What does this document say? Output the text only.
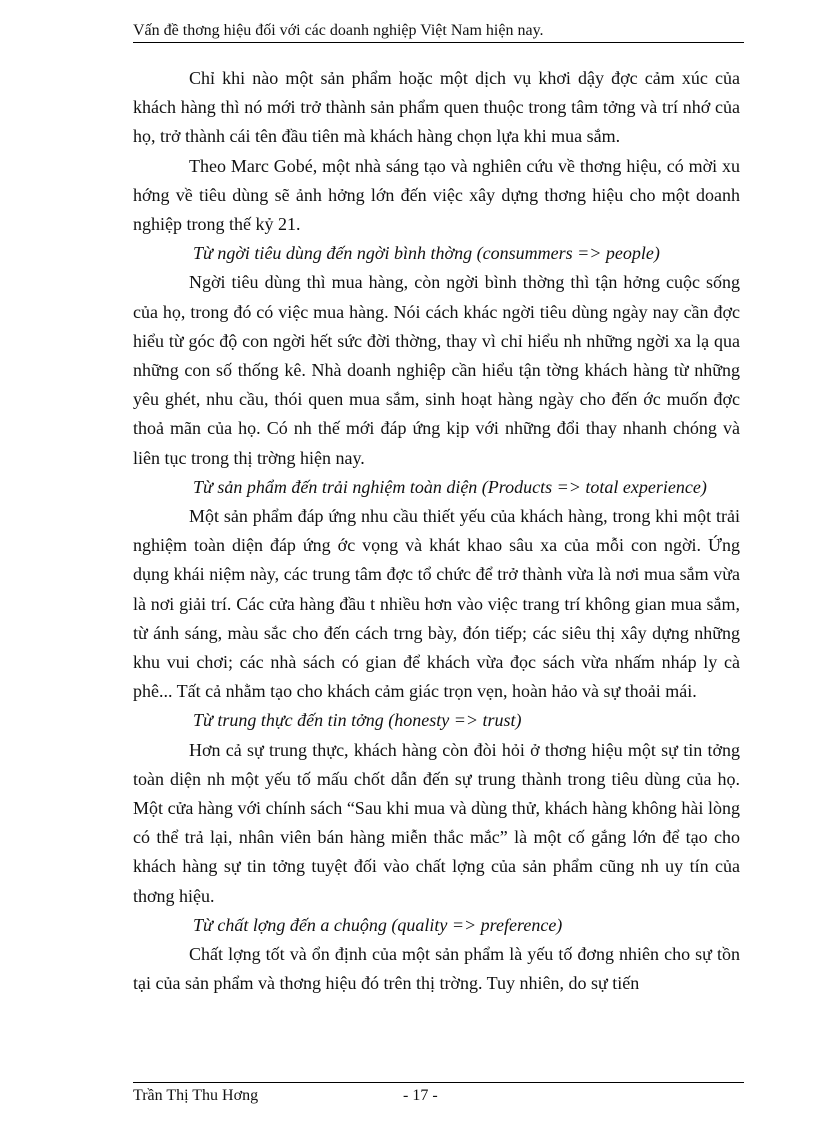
Vấn đề thơng hiệu đối với các doanh nghiệp Việt Nam hiện nay.

Chỉ khi nào một sản phẩm hoặc một dịch vụ khơi dậy đợc cảm xúc của khách hàng thì nó mới trở thành sản phẩm quen thuộc trong tâm tởng và trí nhớ của họ, trở thành cái tên đầu tiên mà khách hàng chọn lựa khi mua sắm.

Theo Marc Gobé, một nhà sáng tạo và nghiên cứu về thơng hiệu, có mời xu hớng về tiêu dùng sẽ ảnh hởng lớn đến việc xây dựng thơng hiệu cho một doanh nghiệp trong thế kỷ 21.

Từ ngời tiêu dùng đến ngời bình thờng (consummers => people)

Ngời tiêu dùng thì mua hàng, còn ngời bình thờng thì tận hởng cuộc sống của họ, trong đó có việc mua hàng. Nói cách khác ngời tiêu dùng ngày nay cần đợc hiểu từ góc độ con ngời hết sức đời thờng, thay vì chỉ hiểu nh những ngời xa lạ qua những con số thống kê. Nhà doanh nghiệp cần hiểu tận tờng khách hàng từ những yêu ghét, nhu cầu, thói quen mua sắm, sinh hoạt hàng ngày cho đến ớc muốn đợc thoả mãn của họ. Có nh thế mới đáp ứng kịp với những đổi thay nhanh chóng và liên tục trong thị trờng hiện nay.

Từ sản phẩm đến trải nghiệm toàn diện (Products => total experience)

Một sản phẩm đáp ứng nhu cầu thiết yếu của khách hàng, trong khi một trải nghiệm toàn diện đáp ứng ớc vọng và khát khao sâu xa của mỗi con ngời. Ứng dụng khái niệm này, các trung tâm đợc tổ chức để trở thành vừa là nơi mua sắm vừa là nơi giải trí. Các cửa hàng đầu t nhiều hơn vào việc trang trí không gian mua sắm, từ ánh sáng, màu sắc cho đến cách trng bày, đón tiếp; các siêu thị xây dựng những khu vui chơi; các nhà sách có gian để khách vừa đọc sách vừa nhấm nháp ly cà phê... Tất cả nhằm tạo cho khách cảm giác trọn vẹn, hoàn hảo và sự thoải mái.

Từ trung thực đến tin tởng (honesty => trust)

Hơn cả sự trung thực, khách hàng còn đòi hỏi ở thơng hiệu một sự tin tởng toàn diện nh một yếu tố mấu chốt dẫn đến sự trung thành trong tiêu dùng của họ. Một cửa hàng với chính sách “Sau khi mua và dùng thử, khách hàng không hài lòng có thể trả lại, nhân viên bán hàng miễn thắc mắc” là một cố gắng lớn để tạo cho khách hàng sự tin tởng tuyệt đối vào chất lợng của sản phẩm cũng nh uy tín của thơng hiệu.

Từ chất lợng đến a chuộng (quality => preference)

Chất lợng tốt và ổn định của một sản phẩm là yếu tố đơng nhiên cho sự tồn tại của sản phẩm và thơng hiệu đó trên thị trờng. Tuy nhiên, do sự tiến

Trần Thị Thu Hơng	- 17 -
